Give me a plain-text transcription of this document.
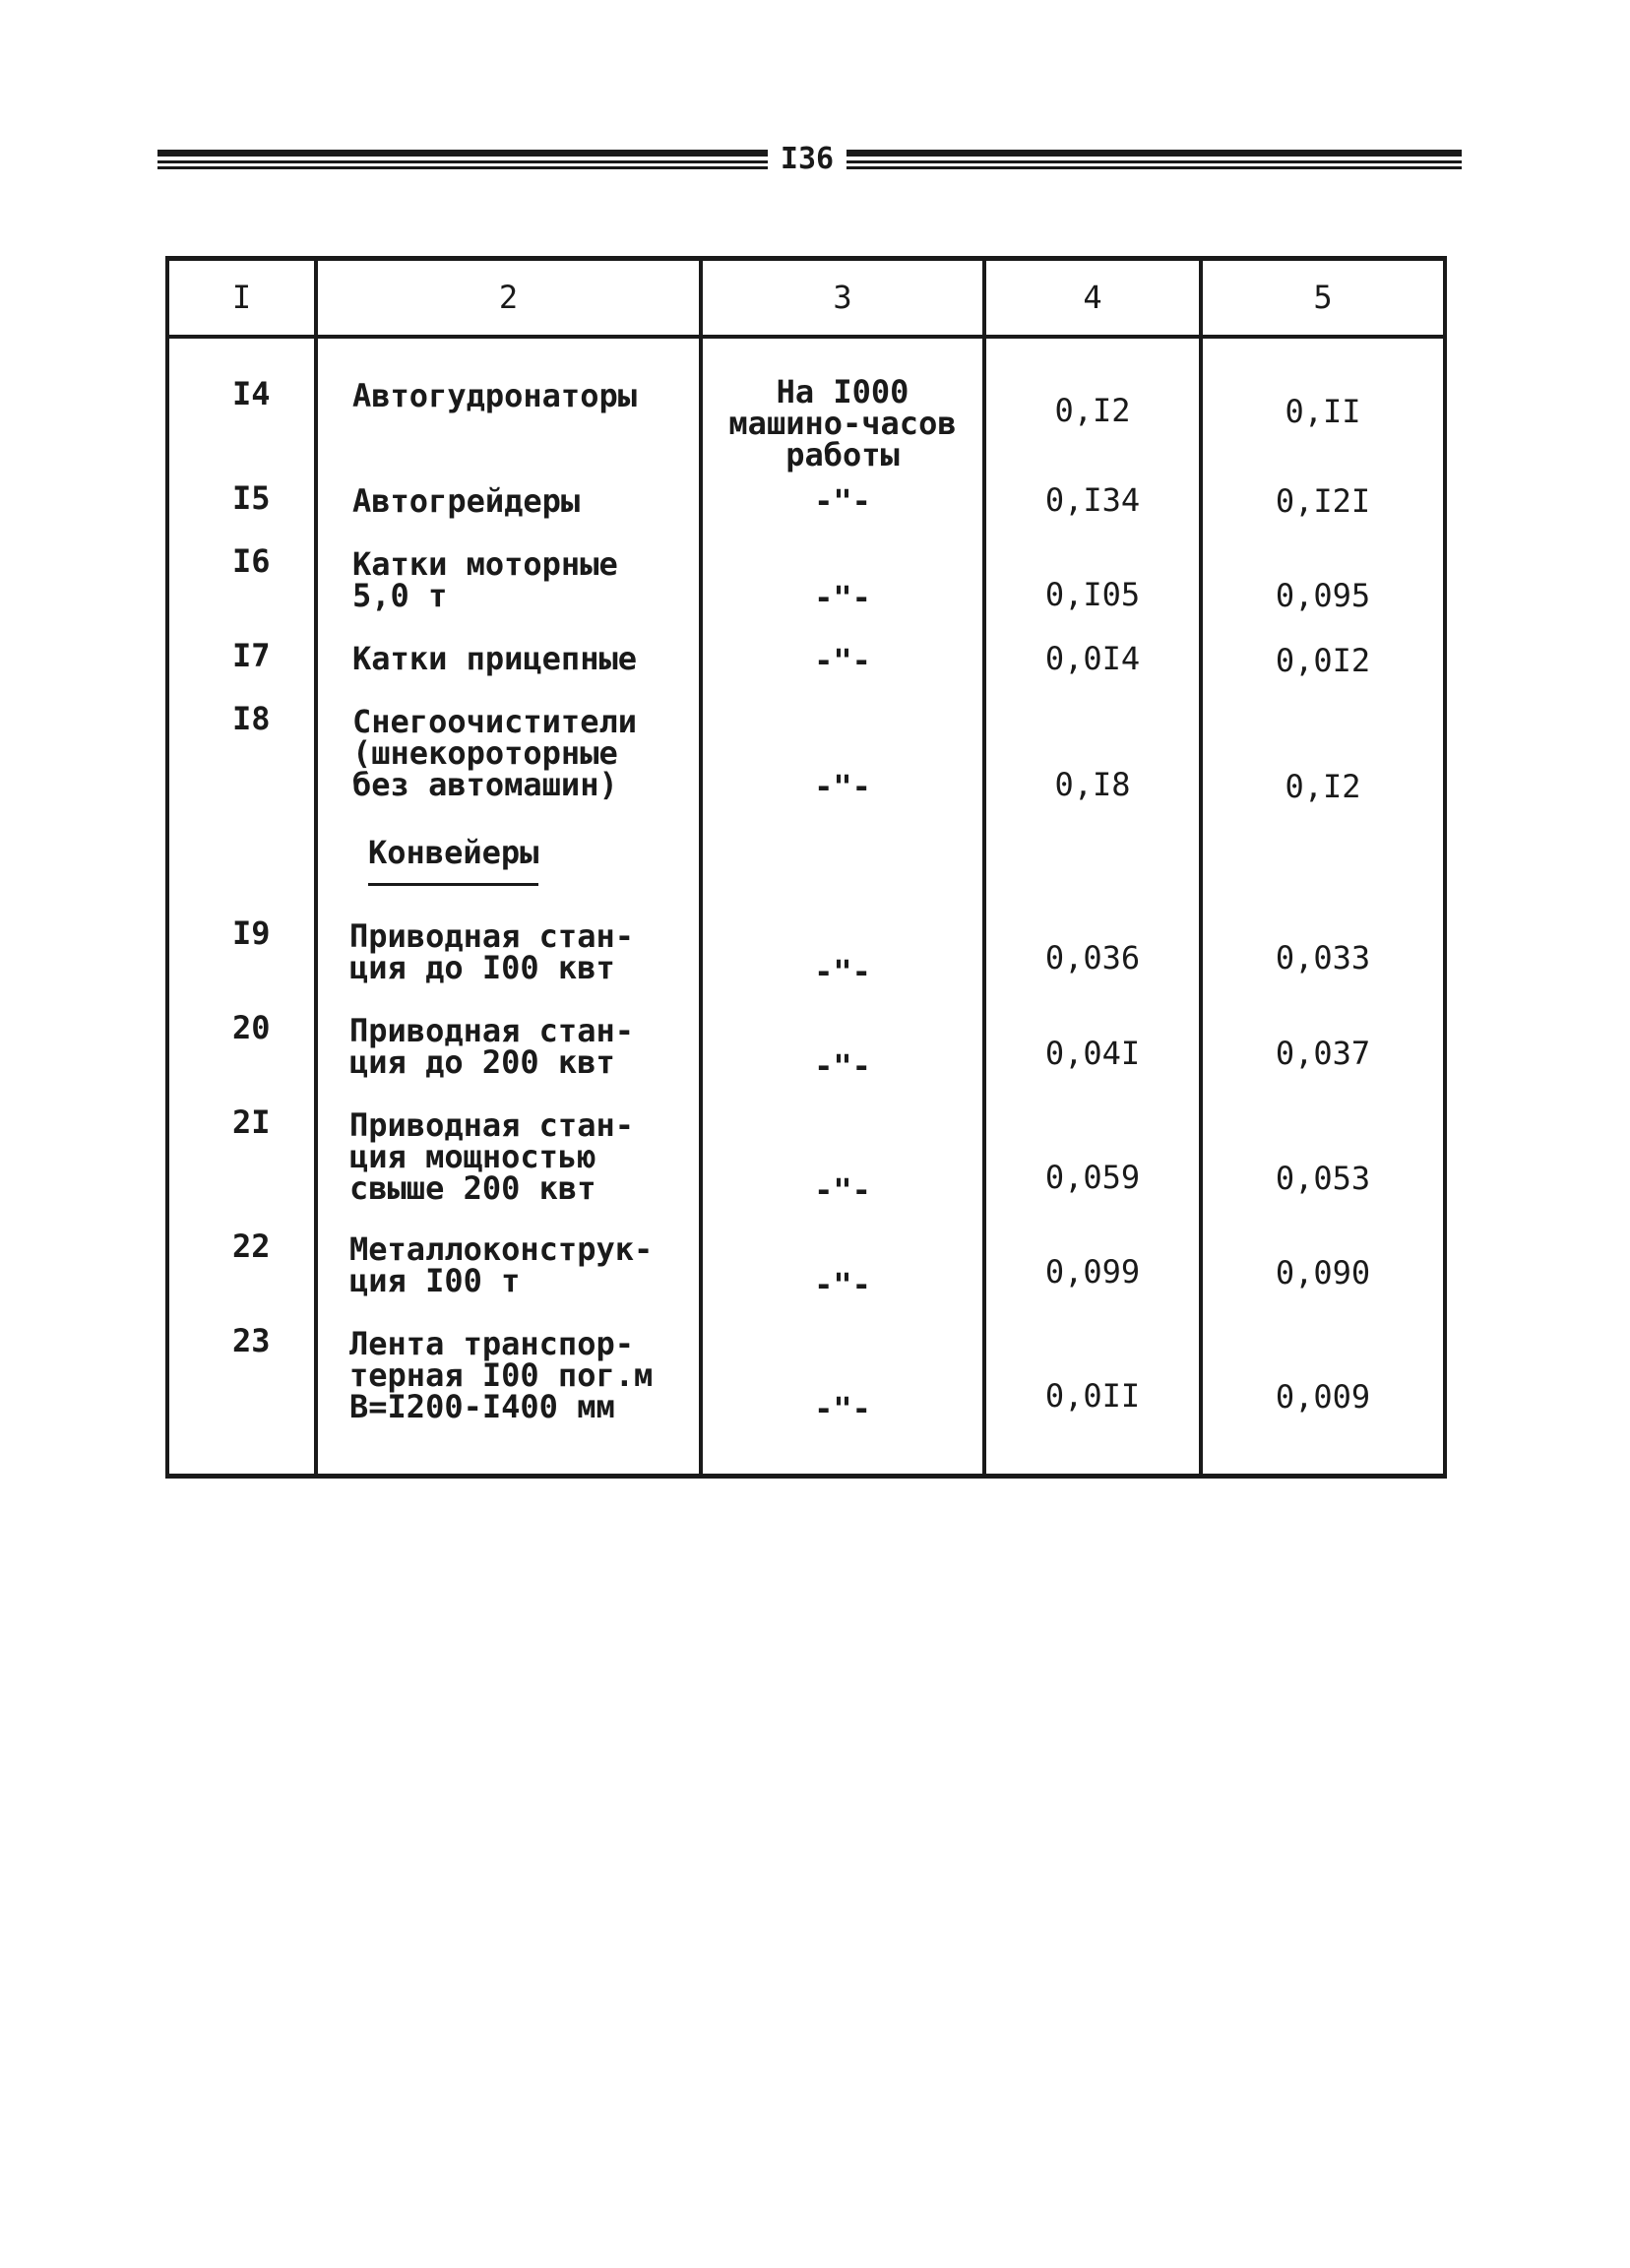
I36
I	2	3	4	5
I4	Автогудронаторы	На I000
машино-часов
работы
0,I2	0,II
I5	Автогрейдеры	-"-	0,I34	0,I2I
I6	Катки моторные
5,0 т	-"-	0,I05	0,095
I7	Катки прицепные	-"-	0,0I4	0,0I2
I8	Снегоочистители
(шнекороторные
без автомашин)	-"-	0,I8	0,I2
Конвейеры
I9	Приводная стан-
ция до I00 квт	-"-	0,036	0,033
20	Приводная стан-
ция до 200 квт	-"-	0,04I	0,037
2I	Приводная стан-
ция мощностью
свыше 200 квт	-"-	0,059	0,053
22	Металлоконструк-
ция I00 т	-"-	0,099	0,090
23	Лента транспор-
терная I00 пог.м
В=I200-I400 мм	-"-	0,0II	0,009
